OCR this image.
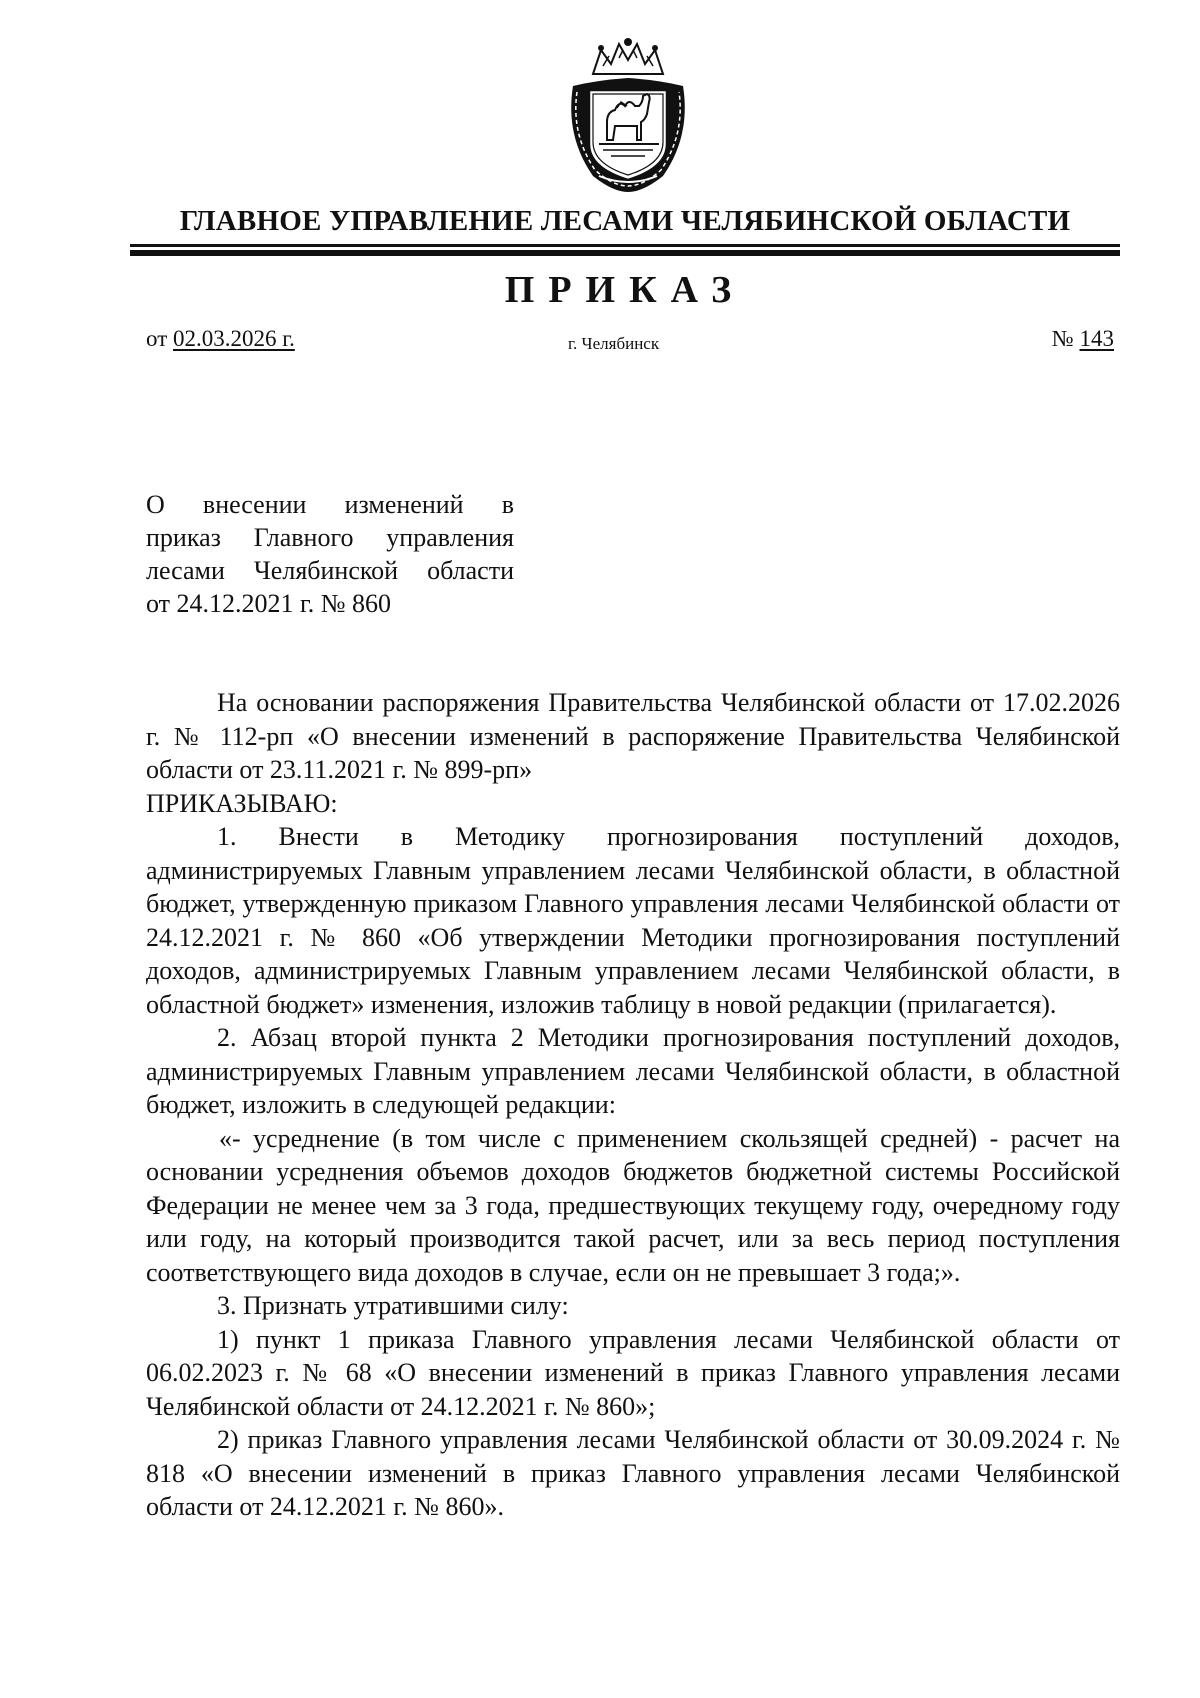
ГЛАВНОЕ УПРАВЛЕНИЕ ЛЕСАМИ ЧЕЛЯБИНСКОЙ ОБЛАСТИ
ПРИКАЗ
от 02.03.2026 г.	г. Челябинск	№ 143
О внесении изменений в
приказ Главного управления
лесами Челябинской области
от 24.12.2021 г. № 860

На основании распоряжения Правительства Челябинской области от 17.02.2026 г. № 112-рп «О внесении изменений в распоряжение Правительства Челябинской области от 23.11.2021 г. № 899-рп»

ПРИКАЗЫВАЮ:

1. Внести в Методику прогнозирования поступлений доходов, администрируемых Главным управлением лесами Челябинской области, в областной бюджет, утвержденную приказом Главного управления лесами Челябинской области от 24.12.2021 г. № 860 «Об утверждении Методики прогнозирования поступлений доходов, администрируемых Главным управлением лесами Челябинской области, в областной бюджет» изменения, изложив таблицу в новой редакции (прилагается).

2. Абзац второй пункта 2 Методики прогнозирования поступлений доходов, администрируемых Главным управлением лесами Челябинской области, в областной бюджет, изложить в следующей редакции:

«- усреднение (в том числе с применением скользящей средней) - расчет на основании усреднения объемов доходов бюджетов бюджетной системы Российской Федерации не менее чем за 3 года, предшествующих текущему году, очередному году или году, на который производится такой расчет, или за весь период поступления соответствующего вида доходов в случае, если он не превышает 3 года;».

3. Признать утратившими силу:

1) пункт 1 приказа Главного управления лесами Челябинской области от 06.02.2023 г. № 68 «О внесении изменений в приказ Главного управления лесами Челябинской области от 24.12.2021 г. № 860»;

2) приказ Главного управления лесами Челябинской области от 30.09.2024 г. № 818 «О внесении изменений в приказ Главного управления лесами Челябинской области от 24.12.2021 г. № 860».
